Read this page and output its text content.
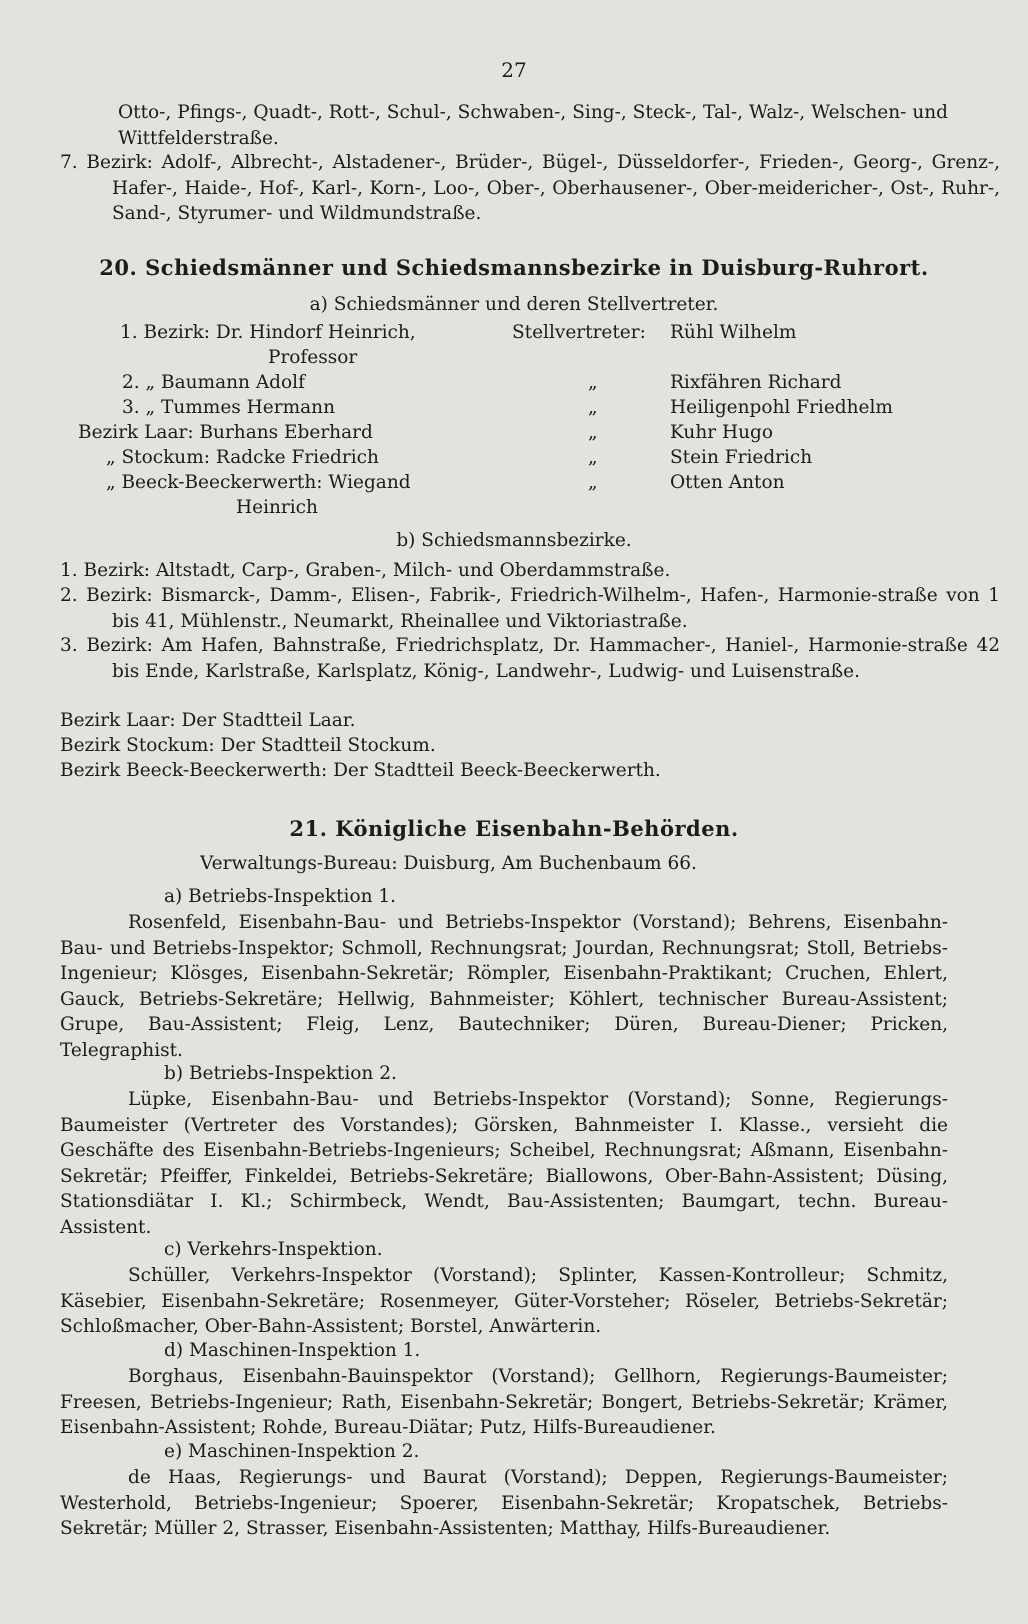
27
Otto-, Pfings-, Quadt-, Rott-, Schul-, Schwaben-, Sing-, Steck-, Tal-, Walz-, Welschen- und Wittfelderstraße.
7. Bezirk: Adolf-, Albrecht-, Alstadener-, Brüder-, Bügel-, Düsseldorfer-, Frieden-, Georg-, Grenz-, Hafer-, Haide-, Hof-, Karl-, Korn-, Loo-, Ober-, Oberhausener-, Ober-meidericher-, Ost-, Ruhr-, Sand-, Styrumer- und Wildmundstraße.
20. Schiedsmänner und Schiedsmannsbezirke in Duisburg-Ruhrort.
a) Schiedsmänner und deren Stellvertreter.
1. Bezirk: Dr. Hindorf Heinrich,	Stellvertreter: Rühl Wilhelm
Professor
2. „ Baumann Adolf	„	Rixfähren Richard
3. „ Tummes Hermann	„	Heiligenpohl Friedhelm
Bezirk Laar: Burhans Eberhard	„	Kuhr Hugo
„ Stockum: Radcke Friedrich	„	Stein Friedrich
„ Beeck-Beeckerwerth: Wiegand	„	Otten Anton
Heinrich
b) Schiedsmannsbezirke.
1. Bezirk: Altstadt, Carp-, Graben-, Milch- und Oberdammstraße.
2. Bezirk: Bismarck-, Damm-, Elisen-, Fabrik-, Friedrich-Wilhelm-, Hafen-, Harmonie-straße von 1 bis 41, Mühlenstr., Neumarkt, Rheinallee und Viktoriastraße.
3. Bezirk: Am Hafen, Bahnstraße, Friedrichsplatz, Dr. Hammacher-, Haniel-, Harmonie-straße 42 bis Ende, Karlstraße, Karlsplatz, König-, Landwehr-, Ludwig- und Luisenstraße.
Bezirk Laar: Der Stadtteil Laar.
Bezirk Stockum: Der Stadtteil Stockum.
Bezirk Beeck-Beeckerwerth: Der Stadtteil Beeck-Beeckerwerth.
21. Königliche Eisenbahn-Behörden.
Verwaltungs-Bureau: Duisburg, Am Buchenbaum 66.
a) Betriebs-Inspektion 1.

Rosenfeld, Eisenbahn-Bau- und Betriebs-Inspektor (Vorstand); Behrens, Eisenbahn-Bau- und Betriebs-Inspektor; Schmoll, Rechnungsrat; Jourdan, Rechnungsrat; Stoll, Betriebs-Ingenieur; Klösges, Eisenbahn-Sekretär; Römpler, Eisenbahn-Praktikant; Cruchen, Ehlert, Gauck, Betriebs-Sekretäre; Hellwig, Bahnmeister; Köhlert, technischer Bureau-Assistent; Grupe, Bau-Assistent; Fleig, Lenz, Bautechniker; Düren, Bureau-Diener; Pricken, Telegraphist.

b) Betriebs-Inspektion 2.

Lüpke, Eisenbahn-Bau- und Betriebs-Inspektor (Vorstand); Sonne, Regierungs-Baumeister (Vertreter des Vorstandes); Görsken, Bahnmeister I. Klasse., versieht die Geschäfte des Eisenbahn-Betriebs-Ingenieurs; Scheibel, Rechnungsrat; Aßmann, Eisenbahn-Sekretär; Pfeiffer, Finkeldei, Betriebs-Sekretäre; Biallowons, Ober-Bahn-Assistent; Düsing, Stationsdiätar I. Kl.; Schirmbeck, Wendt, Bau-Assistenten; Baumgart, techn. Bureau-Assistent.

c) Verkehrs-Inspektion.

Schüller, Verkehrs-Inspektor (Vorstand); Splinter, Kassen-Kontrolleur; Schmitz, Käsebier, Eisenbahn-Sekretäre; Rosenmeyer, Güter-Vorsteher; Röseler, Betriebs-Sekretär; Schloßmacher, Ober-Bahn-Assistent; Borstel, Anwärterin.

d) Maschinen-Inspektion 1.

Borghaus, Eisenbahn-Bauinspektor (Vorstand); Gellhorn, Regierungs-Baumeister; Freesen, Betriebs-Ingenieur; Rath, Eisenbahn-Sekretär; Bongert, Betriebs-Sekretär; Krämer, Eisenbahn-Assistent; Rohde, Bureau-Diätar; Putz, Hilfs-Bureaudiener.

e) Maschinen-Inspektion 2.

de Haas, Regierungs- und Baurat (Vorstand); Deppen, Regierungs-Baumeister; Westerhold, Betriebs-Ingenieur; Spoerer, Eisenbahn-Sekretär; Kropatschek, Betriebs-Sekretär; Müller 2, Strasser, Eisenbahn-Assistenten; Matthay, Hilfs-Bureaudiener.
